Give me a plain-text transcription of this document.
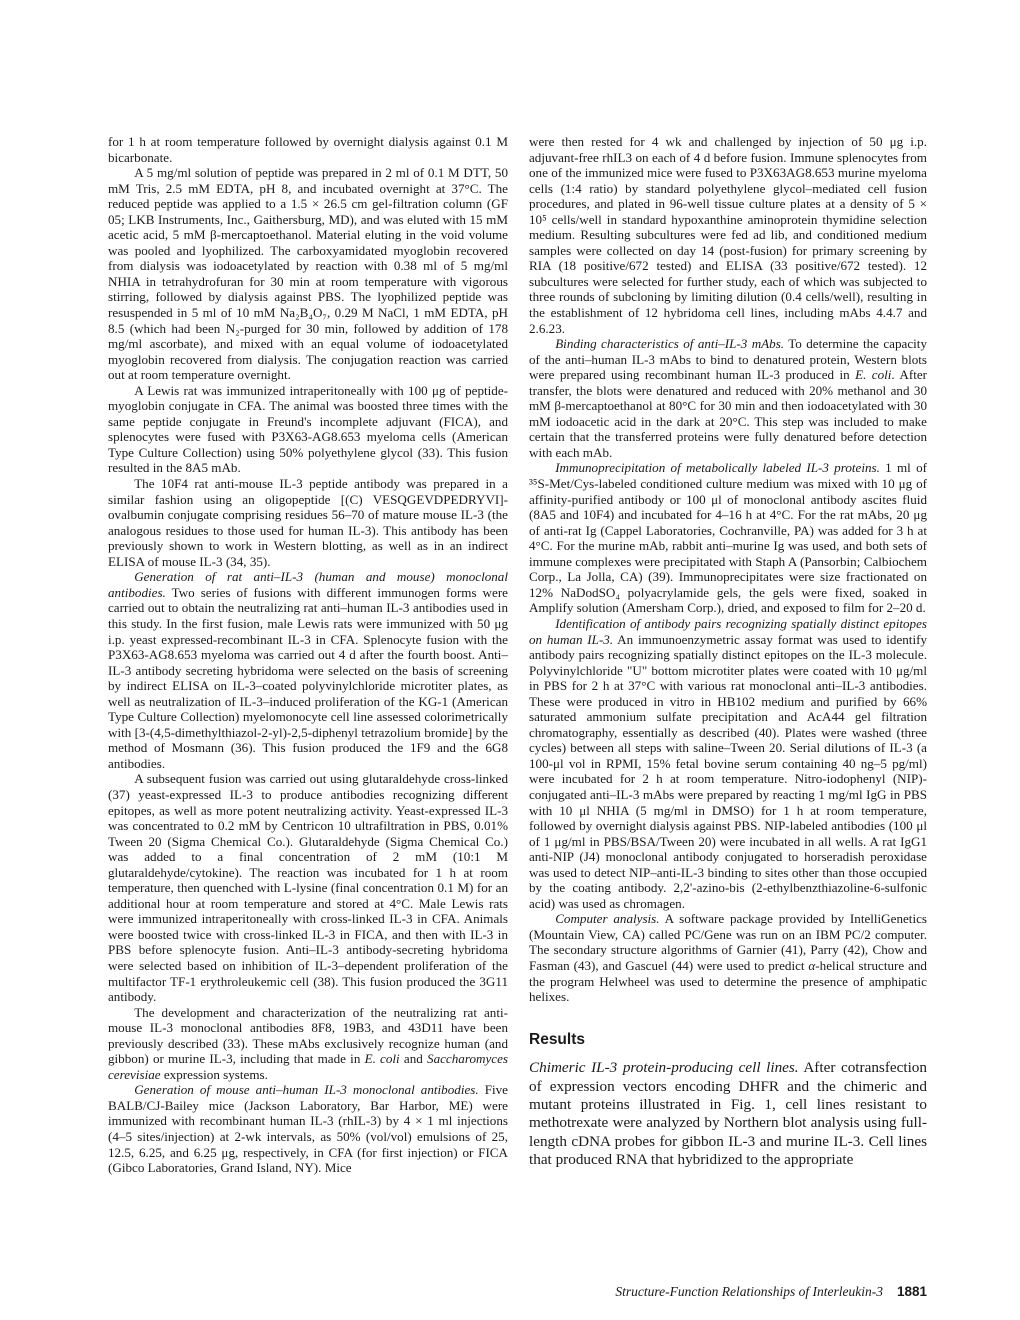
for 1 h at room temperature followed by overnight dialysis against 0.1 M bicarbonate.

A 5 mg/ml solution of peptide was prepared in 2 ml of 0.1 M DTT, 50 mM Tris, 2.5 mM EDTA, pH 8, and incubated overnight at 37°C. The reduced peptide was applied to a 1.5 × 26.5 cm gel-filtration column (GF 05; LKB Instruments, Inc., Gaithersburg, MD), and was eluted with 15 mM acetic acid, 5 mM β-mercaptoethanol. Material eluting in the void volume was pooled and lyophilized. The carboxyamidated myoglobin recovered from dialysis was iodoacetylated by reaction with 0.38 ml of 5 mg/ml NHIA in tetrahydrofuran for 30 min at room temperature with vigorous stirring, followed by dialysis against PBS. The lyophilized peptide was resuspended in 5 ml of 10 mM Na₂B₄O₇, 0.29 M NaCl, 1 mM EDTA, pH 8.5 (which had been N₂-purged for 30 min, followed by addition of 178 mg/ml ascorbate), and mixed with an equal volume of iodoacetylated myoglobin recovered from dialysis. The conjugation reaction was carried out at room temperature overnight.

A Lewis rat was immunized intraperitoneally with 100 μg of peptide-myoglobin conjugate in CFA. The animal was boosted three times with the same peptide conjugate in Freund's incomplete adjuvant (FICA), and splenocytes were fused with P3X63-AG8.653 myeloma cells (American Type Culture Collection) using 50% polyethylene glycol (33). This fusion resulted in the 8A5 mAb.

The 10F4 rat anti-mouse IL-3 peptide antibody was prepared in a similar fashion using an oligopeptide [(C) VESQGEVDPEDRYVI]-ovalbumin conjugate comprising residues 56–70 of mature mouse IL-3 (the analogous residues to those used for human IL-3). This antibody has been previously shown to work in Western blotting, as well as in an indirect ELISA of mouse IL-3 (34, 35).

Generation of rat anti–IL-3 (human and mouse) monoclonal antibodies. Two series of fusions with different immunogen forms were carried out to obtain the neutralizing rat anti–human IL-3 antibodies used in this study. In the first fusion, male Lewis rats were immunized with 50 μg i.p. yeast expressed-recombinant IL-3 in CFA. Splenocyte fusion with the P3X63-AG8.653 myeloma was carried out 4 d after the fourth boost. Anti–IL-3 antibody secreting hybridoma were selected on the basis of screening by indirect ELISA on IL-3–coated polyvinylchloride microtiter plates, as well as neutralization of IL-3–induced proliferation of the KG-1 (American Type Culture Collection) myelomonocyte cell line assessed colorimetrically with [3-(4,5-dimethylthiazol-2-yl)-2,5-diphenyl tetrazolium bromide] by the method of Mosmann (36). This fusion produced the 1F9 and the 6G8 antibodies.

A subsequent fusion was carried out using glutaraldehyde cross-linked (37) yeast-expressed IL-3 to produce antibodies recognizing different epitopes, as well as more potent neutralizing activity. Yeast-expressed IL-3 was concentrated to 0.2 mM by Centricon 10 ultrafiltration in PBS, 0.01% Tween 20 (Sigma Chemical Co.). Glutaraldehyde (Sigma Chemical Co.) was added to a final concentration of 2 mM (10:1 M glutaraldehyde/cytokine). The reaction was incubated for 1 h at room temperature, then quenched with L-lysine (final concentration 0.1 M) for an additional hour at room temperature and stored at 4°C. Male Lewis rats were immunized intraperitoneally with cross-linked IL-3 in CFA. Animals were boosted twice with cross-linked IL-3 in FICA, and then with IL-3 in PBS before splenocyte fusion. Anti–IL-3 antibody-secreting hybridoma were selected based on inhibition of IL-3–dependent proliferation of the multifactor TF-1 erythroleukemic cell (38). This fusion produced the 3G11 antibody.

The development and characterization of the neutralizing rat anti-mouse IL-3 monoclonal antibodies 8F8, 19B3, and 43D11 have been previously described (33). These mAbs exclusively recognize human (and gibbon) or murine IL-3, including that made in E. coli and Saccharomyces cerevisiae expression systems.

Generation of mouse anti–human IL-3 monoclonal antibodies. Five BALB/CJ-Bailey mice (Jackson Laboratory, Bar Harbor, ME) were immunized with recombinant human IL-3 (rhIL-3) by 4 × 1 ml injections (4–5 sites/injection) at 2-wk intervals, as 50% (vol/vol) emulsions of 25, 12.5, 6.25, and 6.25 μg, respectively, in CFA (for first injection) or FICA (Gibco Laboratories, Grand Island, NY). Mice

were then rested for 4 wk and challenged by injection of 50 μg i.p. adjuvant-free rhIL3 on each of 4 d before fusion. Immune splenocytes from one of the immunized mice were fused to P3X63AG8.653 murine myeloma cells (1:4 ratio) by standard polyethylene glycol–mediated cell fusion procedures, and plated in 96-well tissue culture plates at a density of 5 × 10⁵ cells/well in standard hypoxanthine aminoprotein thymidine selection medium. Resulting subcultures were fed ad lib, and conditioned medium samples were collected on day 14 (post-fusion) for primary screening by RIA (18 positive/672 tested) and ELISA (33 positive/672 tested). 12 subcultures were selected for further study, each of which was subjected to three rounds of subcloning by limiting dilution (0.4 cells/well), resulting in the establishment of 12 hybridoma cell lines, including mAbs 4.4.7 and 2.6.23.

Binding characteristics of anti–IL-3 mAbs. To determine the capacity of the anti–human IL-3 mAbs to bind to denatured protein, Western blots were prepared using recombinant human IL-3 produced in E. coli. After transfer, the blots were denatured and reduced with 20% methanol and 30 mM β-mercaptoethanol at 80°C for 30 min and then iodoacetylated with 30 mM iodoacetic acid in the dark at 20°C. This step was included to make certain that the transferred proteins were fully denatured before detection with each mAb.

Immunoprecipitation of metabolically labeled IL-3 proteins. 1 ml of ³⁵S-Met/Cys-labeled conditioned culture medium was mixed with 10 μg of affinity-purified antibody or 100 μl of monoclonal antibody ascites fluid (8A5 and 10F4) and incubated for 4–16 h at 4°C. For the rat mAbs, 20 μg of anti-rat Ig (Cappel Laboratories, Cochranville, PA) was added for 3 h at 4°C. For the murine mAb, rabbit anti–murine Ig was used, and both sets of immune complexes were precipitated with Staph A (Pansorbin; Calbiochem Corp., La Jolla, CA) (39). Immunoprecipitates were size fractionated on 12% NaDodSO₄ polyacrylamide gels, the gels were fixed, soaked in Amplify solution (Amersham Corp.), dried, and exposed to film for 2–20 d.

Identification of antibody pairs recognizing spatially distinct epitopes on human IL-3. An immunoenzymetric assay format was used to identify antibody pairs recognizing spatially distinct epitopes on the IL-3 molecule. Polyvinylchloride "U" bottom microtiter plates were coated with 10 μg/ml in PBS for 2 h at 37°C with various rat monoclonal anti–IL-3 antibodies. These were produced in vitro in HB102 medium and purified by 66% saturated ammonium sulfate precipitation and AcA44 gel filtration chromatography, essentially as described (40). Plates were washed (three cycles) between all steps with saline–Tween 20. Serial dilutions of IL-3 (a 100-μl vol in RPMI, 15% fetal bovine serum containing 40 ng–5 pg/ml) were incubated for 2 h at room temperature. Nitro-iodophenyl (NIP)-conjugated anti–IL-3 mAbs were prepared by reacting 1 mg/ml IgG in PBS with 10 μl NHIA (5 mg/ml in DMSO) for 1 h at room temperature, followed by overnight dialysis against PBS. NIP-labeled antibodies (100 μl of 1 μg/ml in PBS/BSA/Tween 20) were incubated in all wells. A rat IgG1 anti-NIP (J4) monoclonal antibody conjugated to horseradish peroxidase was used to detect NIP–anti-IL-3 binding to sites other than those occupied by the coating antibody. 2,2'-azino-bis (2-ethylbenzthiazoline-6-sulfonic acid) was used as chromagen.

Computer analysis. A software package provided by IntelliGenetics (Mountain View, CA) called PC/Gene was run on an IBM PC/2 computer. The secondary structure algorithms of Garnier (41), Parry (42), Chow and Fasman (43), and Gascuel (44) were used to predict α-helical structure and the program Helwheel was used to determine the presence of amphipatic helixes.

Results

Chimeric IL-3 protein-producing cell lines. After cotransfection of expression vectors encoding DHFR and the chimeric and mutant proteins illustrated in Fig. 1, cell lines resistant to methotrexate were analyzed by Northern blot analysis using full-length cDNA probes for gibbon IL-3 and murine IL-3. Cell lines that produced RNA that hybridized to the appropriate

Structure-Function Relationships of Interleukin-3 1881
